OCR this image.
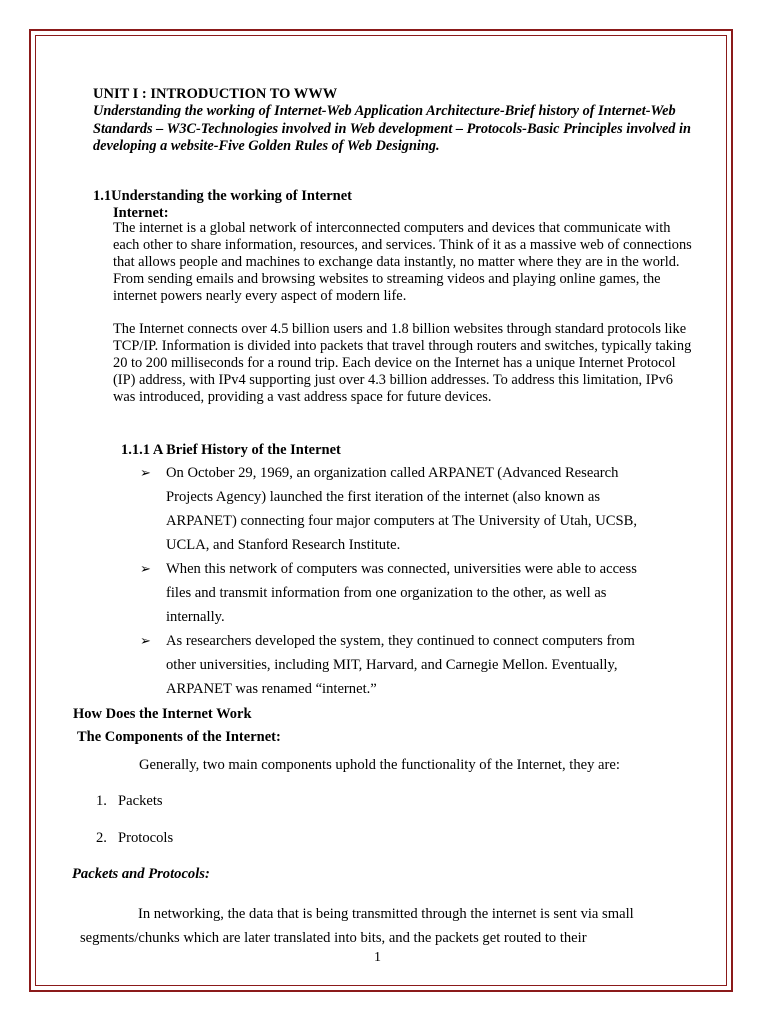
UNIT I : INTRODUCTION TO WWW
Understanding the working of Internet-Web Application Architecture-Brief history of Internet-Web Standards – W3C-Technologies involved in Web development – Protocols-Basic Principles involved in developing a website-Five Golden Rules of Web Designing.
1.1Understanding the working of Internet
Internet:
The internet is a global network of interconnected computers and devices that communicate with each other to share information, resources, and services. Think of it as a massive web of connections that allows people and machines to exchange data instantly, no matter where they are in the world. From sending emails and browsing websites to streaming videos and playing online games, the internet powers nearly every aspect of modern life.
The Internet connects over 4.5 billion users and 1.8 billion websites through standard protocols like TCP/IP. Information is divided into packets that travel through routers and switches, typically taking 20 to 200 milliseconds for a round trip. Each device on the Internet has a unique Internet Protocol (IP) address, with IPv4 supporting just over 4.3 billion addresses. To address this limitation, IPv6 was introduced, providing a vast address space for future devices.
1.1.1 A Brief History of the Internet
➢ On October 29, 1969, an organization called ARPANET (Advanced Research Projects Agency) launched the first iteration of the internet (also known as ARPANET) connecting four major computers at The University of Utah, UCSB, UCLA, and Stanford Research Institute.
➢ When this network of computers was connected, universities were able to access files and transmit information from one organization to the other, as well as internally.
➢ As researchers developed the system, they continued to connect computers from other universities, including MIT, Harvard, and Carnegie Mellon. Eventually, ARPANET was renamed “internet.”
How Does the Internet Work
The Components of the Internet:
Generally, two main components uphold the functionality of the Internet, they are:
1. Packets
2. Protocols
Packets and Protocols:
In networking, the data that is being transmitted through the internet is sent via small segments/chunks which are later translated into bits, and the packets get routed to their
1
